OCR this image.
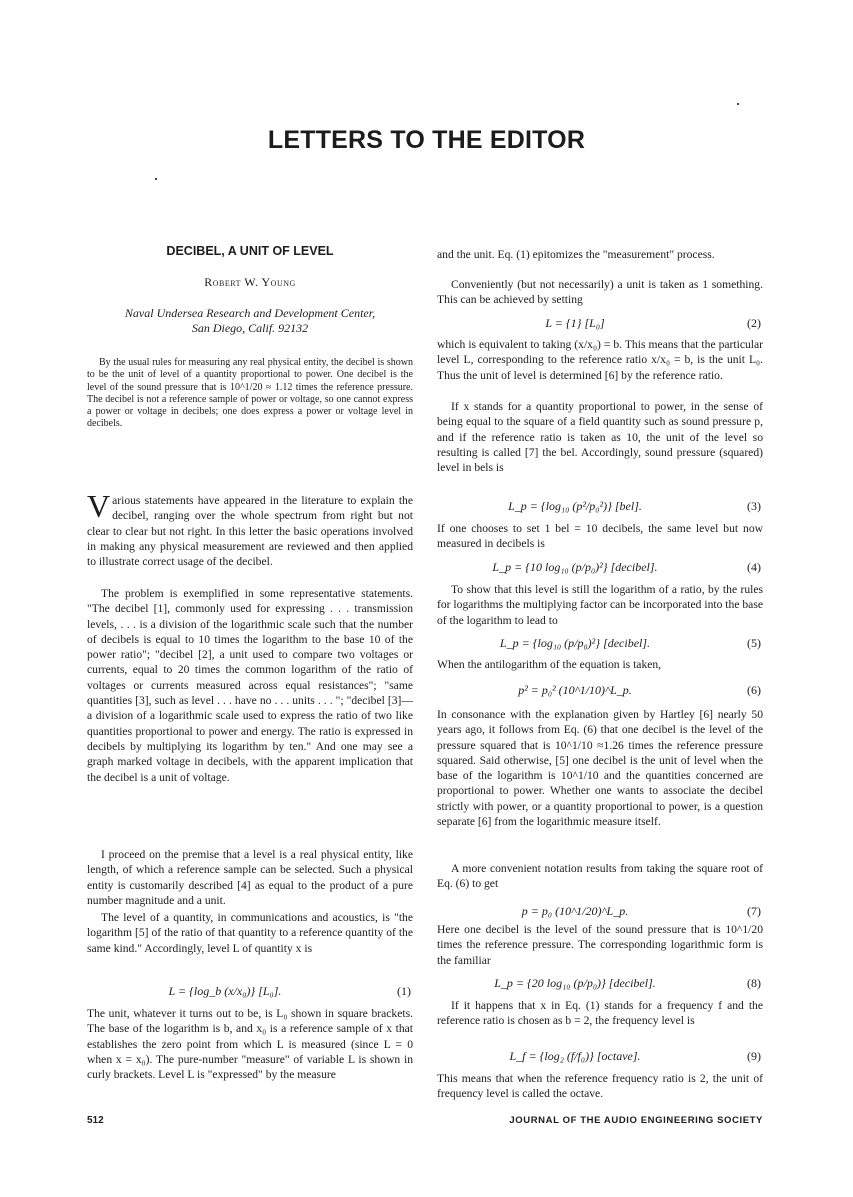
LETTERS TO THE EDITOR
DECIBEL, A UNIT OF LEVEL
Robert W. Young
Naval Undersea Research and Development Center,
San Diego, Calif. 92132

By the usual rules for measuring any real physical entity, the decibel is shown to be the unit of level of a quantity proportional to power. One decibel is the level of the sound pressure that is 10^1/20 ≈ 1.12 times the reference pressure. The decibel is not a reference sample of power or voltage, so one cannot express a power or voltage in decibels; one does express a power or voltage level in decibels.

Various statements have appeared in the literature to explain the decibel, ranging over the whole spectrum from right but not clear to clear but not right. In this letter the basic operations involved in making any physical measurement are reviewed and then applied to illustrate correct usage of the decibel.

The problem is exemplified in some representative statements. "The decibel [1], commonly used for expressing . . . transmission levels, . . . is a division of the logarithmic scale such that the number of decibels is equal to 10 times the logarithm to the base 10 of the power ratio"; "decibel [2], a unit used to compare two voltages or currents, equal to 20 times the common logarithm of the ratio of voltages or currents measured across equal resistances"; "same quantities [3], such as level . . . have no . . . units . . . "; "decibel [3]—a division of a logarithmic scale used to express the ratio of two like quantities proportional to power and energy. The ratio is expressed in decibels by multiplying its logarithm by ten." And one may see a graph marked voltage in decibels, with the apparent implication that the decibel is a unit of voltage.

I proceed on the premise that a level is a real physical entity, like length, of which a reference sample can be selected. Such a physical entity is customarily described [4] as equal to the product of a pure number magnitude and a unit.

The level of a quantity, in communications and acoustics, is "the logarithm [5] of the ratio of that quantity to a reference quantity of the same kind." Accordingly, level L of quantity x is

L = {log_b (x/x₀)} [L₀].	(1)

The unit, whatever it turns out to be, is L₀ shown in square brackets. The base of the logarithm is b, and x₀ is a reference sample of x that establishes the zero point from which L is measured (since L = 0 when x = x₀). The pure-number "measure" of variable L is shown in curly brackets. Level L is "expressed" by the measure

and the unit. Eq. (1) epitomizes the "measurement" process.

Conveniently (but not necessarily) a unit is taken as 1 something. This can be achieved by setting

L = {1} [L₀]	(2)

which is equivalent to taking (x/x₀) = b. This means that the particular level L, corresponding to the reference ratio x/x₀ = b, is the unit L₀. Thus the unit of level is determined [6] by the reference ratio.

If x stands for a quantity proportional to power, in the sense of being equal to the square of a field quantity such as sound pressure p, and if the reference ratio is taken as 10, the unit of the level so resulting is called [7] the bel. Accordingly, sound pressure (squared) level in bels is

L_p = {log₁₀ (p²/p₀²)} [bel].	(3)

If one chooses to set 1 bel = 10 decibels, the same level but now measured in decibels is

L_p = {10 log₁₀ (p/p₀)²} [decibel].	(4)

To show that this level is still the logarithm of a ratio, by the rules for logarithms the multiplying factor can be incorporated into the base of the logarithm to lead to

L_p = {log₁₀ (p/p₀)²} [decibel].	(5)

When the antilogarithm of the equation is taken,

p² = p₀² (10^1/10)^L_p.	(6)

In consonance with the explanation given by Hartley [6] nearly 50 years ago, it follows from Eq. (6) that one decibel is the level of the pressure squared that is 10^1/10 ≈1.26 times the reference pressure squared. Said otherwise, [5] one decibel is the unit of level when the base of the logarithm is 10^1/10 and the quantities concerned are proportional to power. Whether one wants to associate the decibel strictly with power, or a quantity proportional to power, is a question separate [6] from the logarithmic measure itself.

A more convenient notation results from taking the square root of Eq. (6) to get

p = p₀ (10^1/20)^L_p.	(7)

Here one decibel is the level of the sound pressure that is 10^1/20 times the reference pressure. The corresponding logarithmic form is the familiar

L_p = {20 log₁₀ (p/p₀)} [decibel].	(8)

If it happens that x in Eq. (1) stands for a frequency f and the reference ratio is chosen as b = 2, the frequency level is

L_f = {log₂ (f/f₀)} [octave].	(9)

This means that when the reference frequency ratio is 2, the unit of frequency level is called the octave.

512	JOURNAL OF THE AUDIO ENGINEERING SOCIETY
